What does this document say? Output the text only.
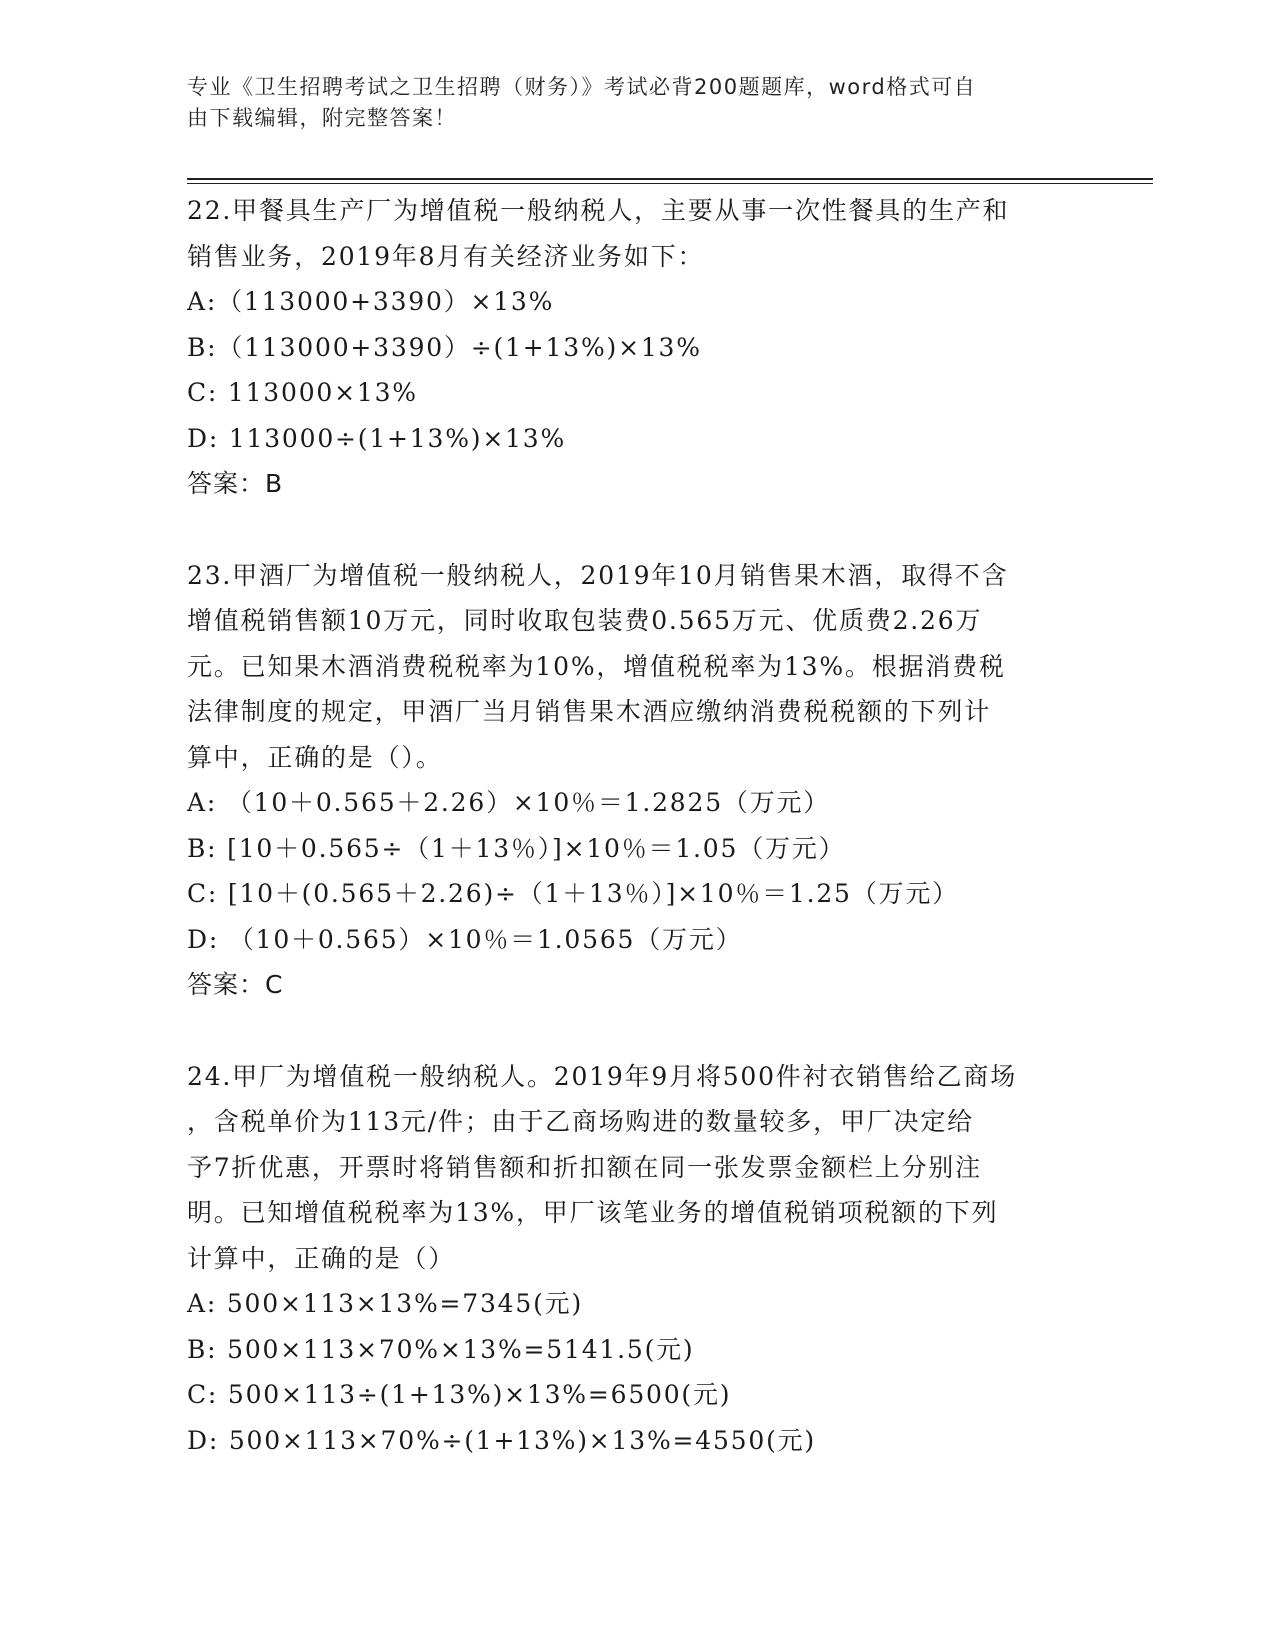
专业《卫生招聘考试之卫生招聘（财务）》考试必背200题题库，word格式可自
由下载编辑，附完整答案！
22.甲餐具生产厂为增值税一般纳税人，主要从事一次性餐具的生产和
销售业务，2019年8月有关经济业务如下：
A:（113000+3390）×13%
B:（113000+3390）÷(1+13%)×13%
C: 113000×13%
D: 113000÷(1+13%)×13%
答案：B
23.甲酒厂为增值税一般纳税人，2019年10月销售果木酒，取得不含
增值税销售额10万元，同时收取包装费0.565万元、优质费2.26万
元。已知果木酒消费税税率为10%，增值税税率为13%。根据消费税
法律制度的规定，甲酒厂当月销售果木酒应缴纳消费税税额的下列计
算中，正确的是（）。
A: （10＋0.565＋2.26）×10％＝1.2825（万元）
B: [10＋0.565÷（1＋13％）]×10％＝1.05（万元）
C: [10＋(0.565＋2.26)÷（1＋13％）]×10％＝1.25（万元）
D: （10＋0.565）×10％＝1.0565（万元）
答案：C
24.甲厂为增值税一般纳税人。2019年9月将500件衬衣销售给乙商场
，含税单价为113元/件；由于乙商场购进的数量较多，甲厂决定给
予7折优惠，开票时将销售额和折扣额在同一张发票金额栏上分别注
明。已知增值税税率为13%，甲厂该笔业务的增值税销项税额的下列
计算中，正确的是（）
A: 500×113×13%=7345(元)
B: 500×113×70%×13%=5141.5(元)
C: 500×113÷(1+13%)×13%=6500(元)
D: 500×113×70%÷(1+13%)×13%=4550(元)
